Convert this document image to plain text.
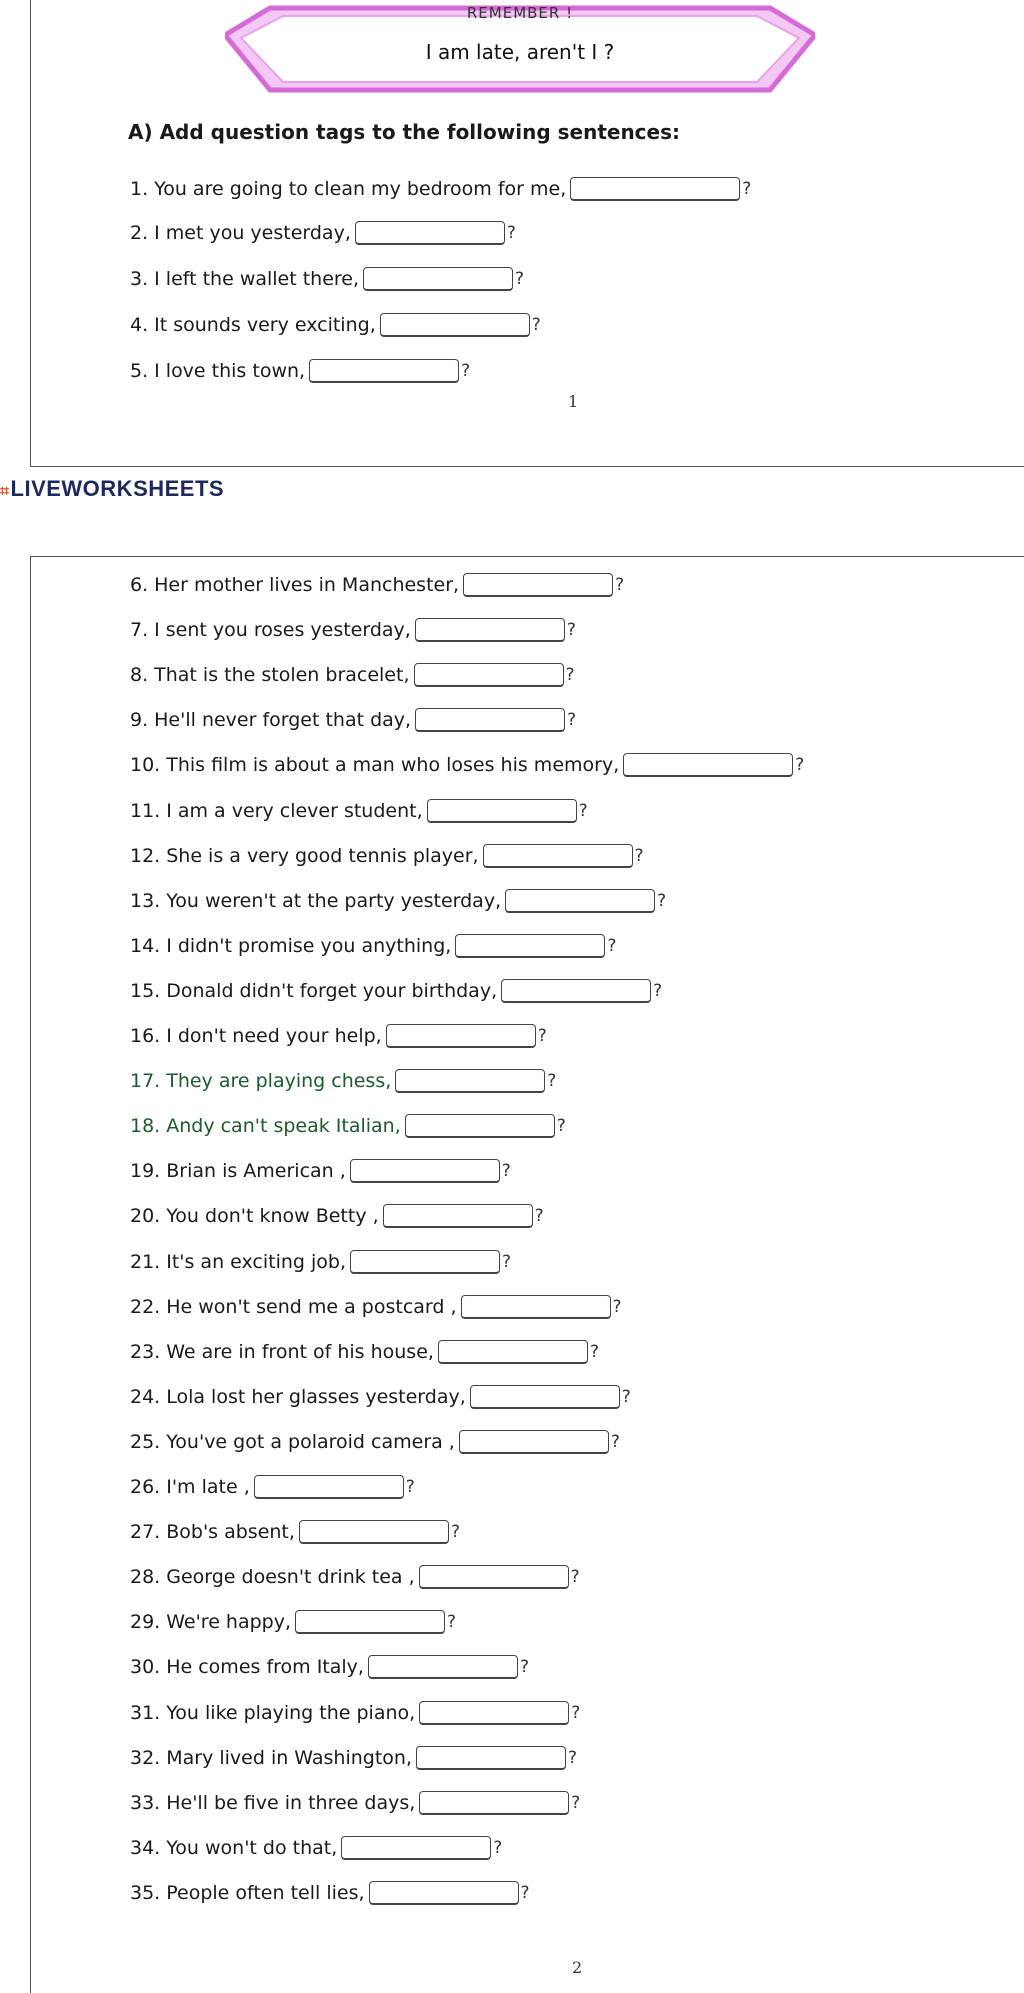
REMEMBER !
I am late, aren't I ?
A) Add question tags to the following sentences:
1. You are going to clean my bedroom for me,	?
2. I met you yesterday,	?
3. I left the wallet there,	?
4. It sounds very exciting,	?
5. I love this town,	?
1
⌗LIVEWORKSHEETS
6. Her mother lives in Manchester,	?
7. I sent you roses yesterday,	?
8. That is the stolen bracelet,	?
9. He'll never forget that day,	?
10. This film is about a man who loses his memory,	?
11. I am a very clever student,	?
12. She is a very good tennis player,	?
13. You weren't at the party yesterday,	?
14. I didn't promise you anything,	?
15. Donald didn't forget your birthday,	?
16. I don't need your help,	?
17. They are playing chess,	?
18. Andy can't speak Italian,	?
19. Brian is American ,	?
20. You don't know Betty ,	?
21. It's an exciting job,	?
22. He won't send me a postcard ,	?
23. We are in front of his house,	?
24. Lola lost her glasses yesterday,	?
25. You've got a polaroid camera ,	?
26. I'm late ,	?
27. Bob's absent,	?
28. George doesn't drink tea ,	?
29. We're happy,	?
30. He comes from Italy,	?
31. You like playing the piano,	?
32. Mary lived in Washington,	?
33. He'll be five in three days,	?
34. You won't do that,	?
35. People often tell lies,	?
2
